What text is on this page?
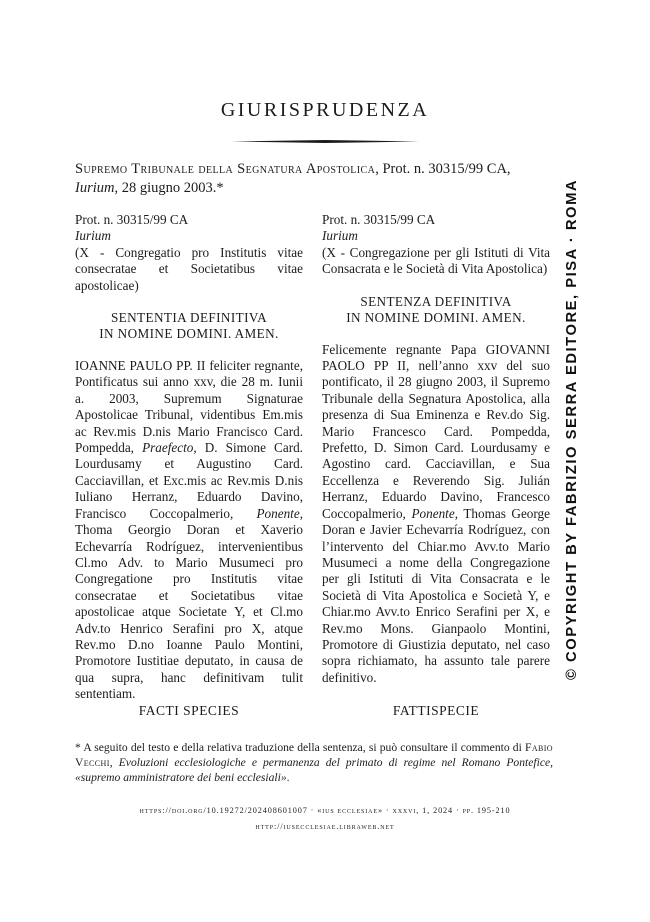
GIURISPRUDENZA
Supremo Tribunale della Segnatura Apostolica, Prot. n. 30315/99 CA, Iurium, 28 giugno 2003.*
Prot. n. 30315/99 CA
Iurium
(X - Congregatio pro Institutis vitae consecratae et Societatibus vitae apostolicae)
SENTENTIA DEFINITIVA
IN NOMINE DOMINI. AMEN.
IOANNE PAULO PP. II feliciter regnante, Pontificatus sui anno xxv, die 28 m. Iunii a. 2003, Supremum Signaturae Apostolicae Tribunal, videntibus Em.mis ac Rev.mis D.nis Mario Francisco Card. Pompedda, Praefecto, D. Simone Card. Lourdusamy et Augustino Card. Cacciavillan, et Exc.mis ac Rev.mis D.nis Iuliano Herranz, Eduardo Davino, Francisco Coccopalmerio, Ponente, Thoma Georgio Doran et Xaverio Echevarría Rodríguez, intervenientibus Cl.mo Adv. to Mario Musumeci pro Congregatione pro Institutis vitae consecratae et Societatibus vitae apostolicae atque Societate Y, et Cl.mo Adv.to Henrico Serafini pro X, atque Rev.mo D.no Ioanne Paulo Montini, Promotore Iustitiae deputato, in causa de qua supra, hanc definitivam tulit sententiam.
Prot. n. 30315/99 CA
Iurium
(X - Congregazione per gli Istituti di Vita Consacrata e le Società di Vita Apostolica)
SENTENZA DEFINITIVA
IN NOMINE DOMINI. AMEN.
Felicemente regnante Papa GIOVANNI PAOLO PP II, nell’anno xxv del suo pontificato, il 28 giugno 2003, il Supremo Tribunale della Segnatura Apostolica, alla presenza di Sua Eminenza e Rev.do Sig. Mario Francesco Card. Pompedda, Prefetto, D. Simon Card. Lourdusamy e Agostino card. Cacciavillan, e Sua Eccellenza e Reverendo Sig. Julián Herranz, Eduardo Davino, Francesco Coccopalmerio, Ponente, Thomas George Doran e Javier Echevarría Rodríguez, con l’intervento del Chiar.mo Avv.to Mario Musumeci a nome della Congregazione per gli Istituti di Vita Consacrata e le Società di Vita Apostolica e Società Y, e Chiar.mo Avv.to Enrico Serafini per X, e Rev.mo Mons. Gianpaolo Montini, Promotore di Giustizia deputato, nel caso sopra richiamato, ha assunto tale parere definitivo.
FACTI SPECIES	FATTISPECIE
* A seguito del testo e della relativa traduzione della sentenza, si può consultare il commento di Fabio Vecchi, Evoluzioni ecclesiologiche e permanenza del primato di regime nel Romano Pontefice, «supremo amministratore dei beni ecclesiali».
https://doi.org/10.19272/202408601007 · «ius ecclesiae» · xxxvi, 1, 2024 · pp. 195-210
http://iusecclesiae.libraweb.net
© COPYRIGHT BY FABRIZIO SERRA EDITORE, PISA · ROMA
